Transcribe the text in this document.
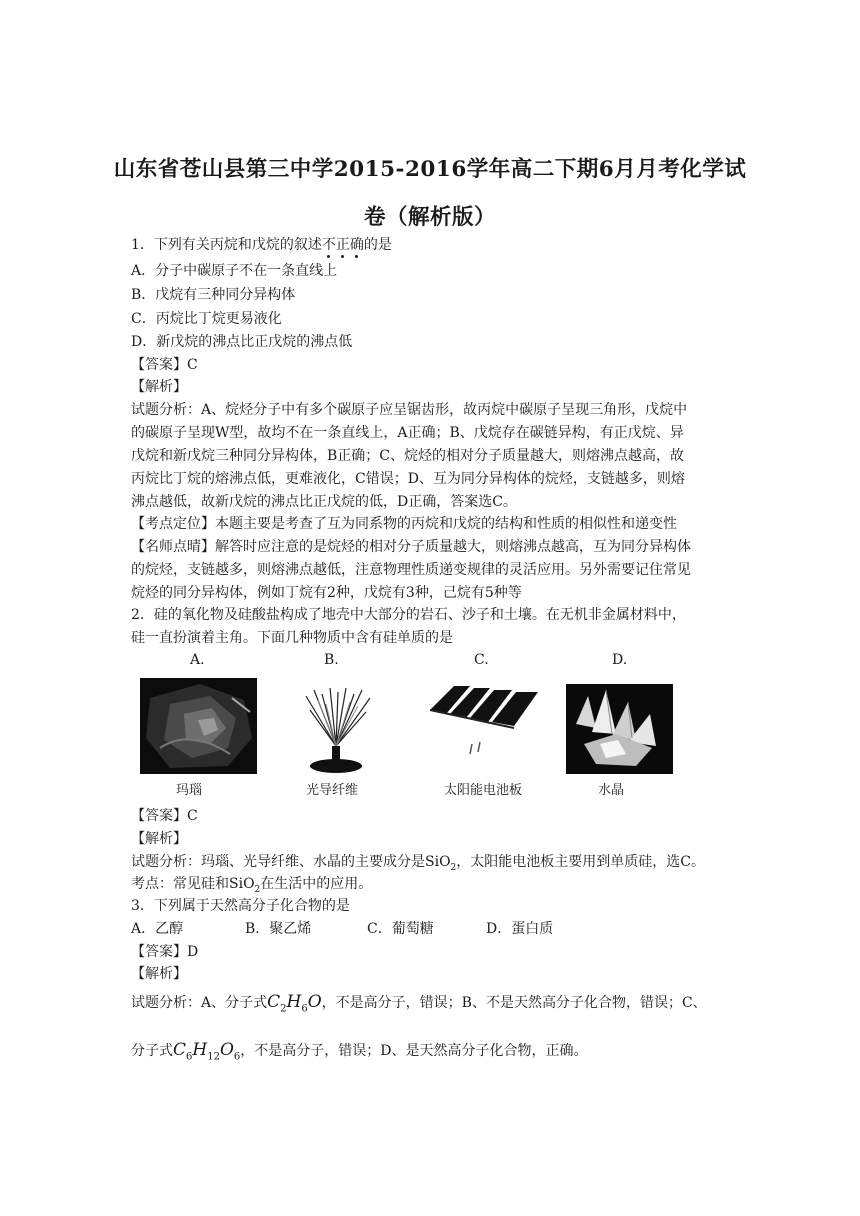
山东省苍山县第三中学2015-2016学年高二下期6月月考化学试
卷（解析版）
1．下列有关丙烷和戊烷的叙述不正确
的是
A．分子中碳原子不在一条直线上
B．戊烷有三种同分异构体
C．丙烷比丁烷更易液化
D．新戊烷的沸点比正戊烷的沸点低
【答案】C
【解析】
试题分析：A、烷烃分子中有多个碳原子应呈锯齿形，故丙烷中碳原子呈现三角形，戊烷中
的碳原子呈现W型，故均不在一条直线上，A正确；B、戊烷存在碳链异构，有正戊烷、异
戊烷和新戊烷三种同分异构体，B正确；C、烷烃的相对分子质量越大，则熔沸点越高，故
丙烷比丁烷的熔沸点低，更难液化，C错误；D、互为同分异构体的烷烃，支链越多，则熔
沸点越低，故新戊烷的沸点比正戊烷的低，D正确，答案选C。
【考点定位】本题主要是考查了互为同系物的丙烷和戊烷的结构和性质的相似性和递变性
【名师点晴】解答时应注意的是烷烃的相对分子质量越大，则熔沸点越高，互为同分异构体
的烷烃，支链越多，则熔沸点越低，注意物理性质递变规律的灵活应用。另外需要记住常见
烷烃的同分异构体，例如丁烷有2种，戊烷有3种，己烷有5种等
2．硅的氧化物及硅酸盐构成了地壳中大部分的岩石、沙子和土壤。在无机非金属材料中，
硅一直扮演着主角。下面几种物质中含有硅单质的是
A.	B.	C.	D.
玛瑙	光导纤维	太阳能电池板	水晶
【答案】C
【解析】
试题分析：玛瑙、光导纤维、水晶的主要成分是SiO$_2$，太阳能电池板主要用到单质硅，选C。
考点：常见硅和SiO$_2$在生活中的应用。
3．下列属于天然高分子化合物的是
A．乙醇	B．聚乙烯	C．葡萄糖	D．蛋白质
【答案】D
【解析】
试题分析：A、分子式$C_2H_6O$，不是高分子，错误；B、不是天然高分子化合物，错误；C、
分子式$C_6H_{12}O_6$，不是高分子，错误；D、是天然高分子化合物，正确。
